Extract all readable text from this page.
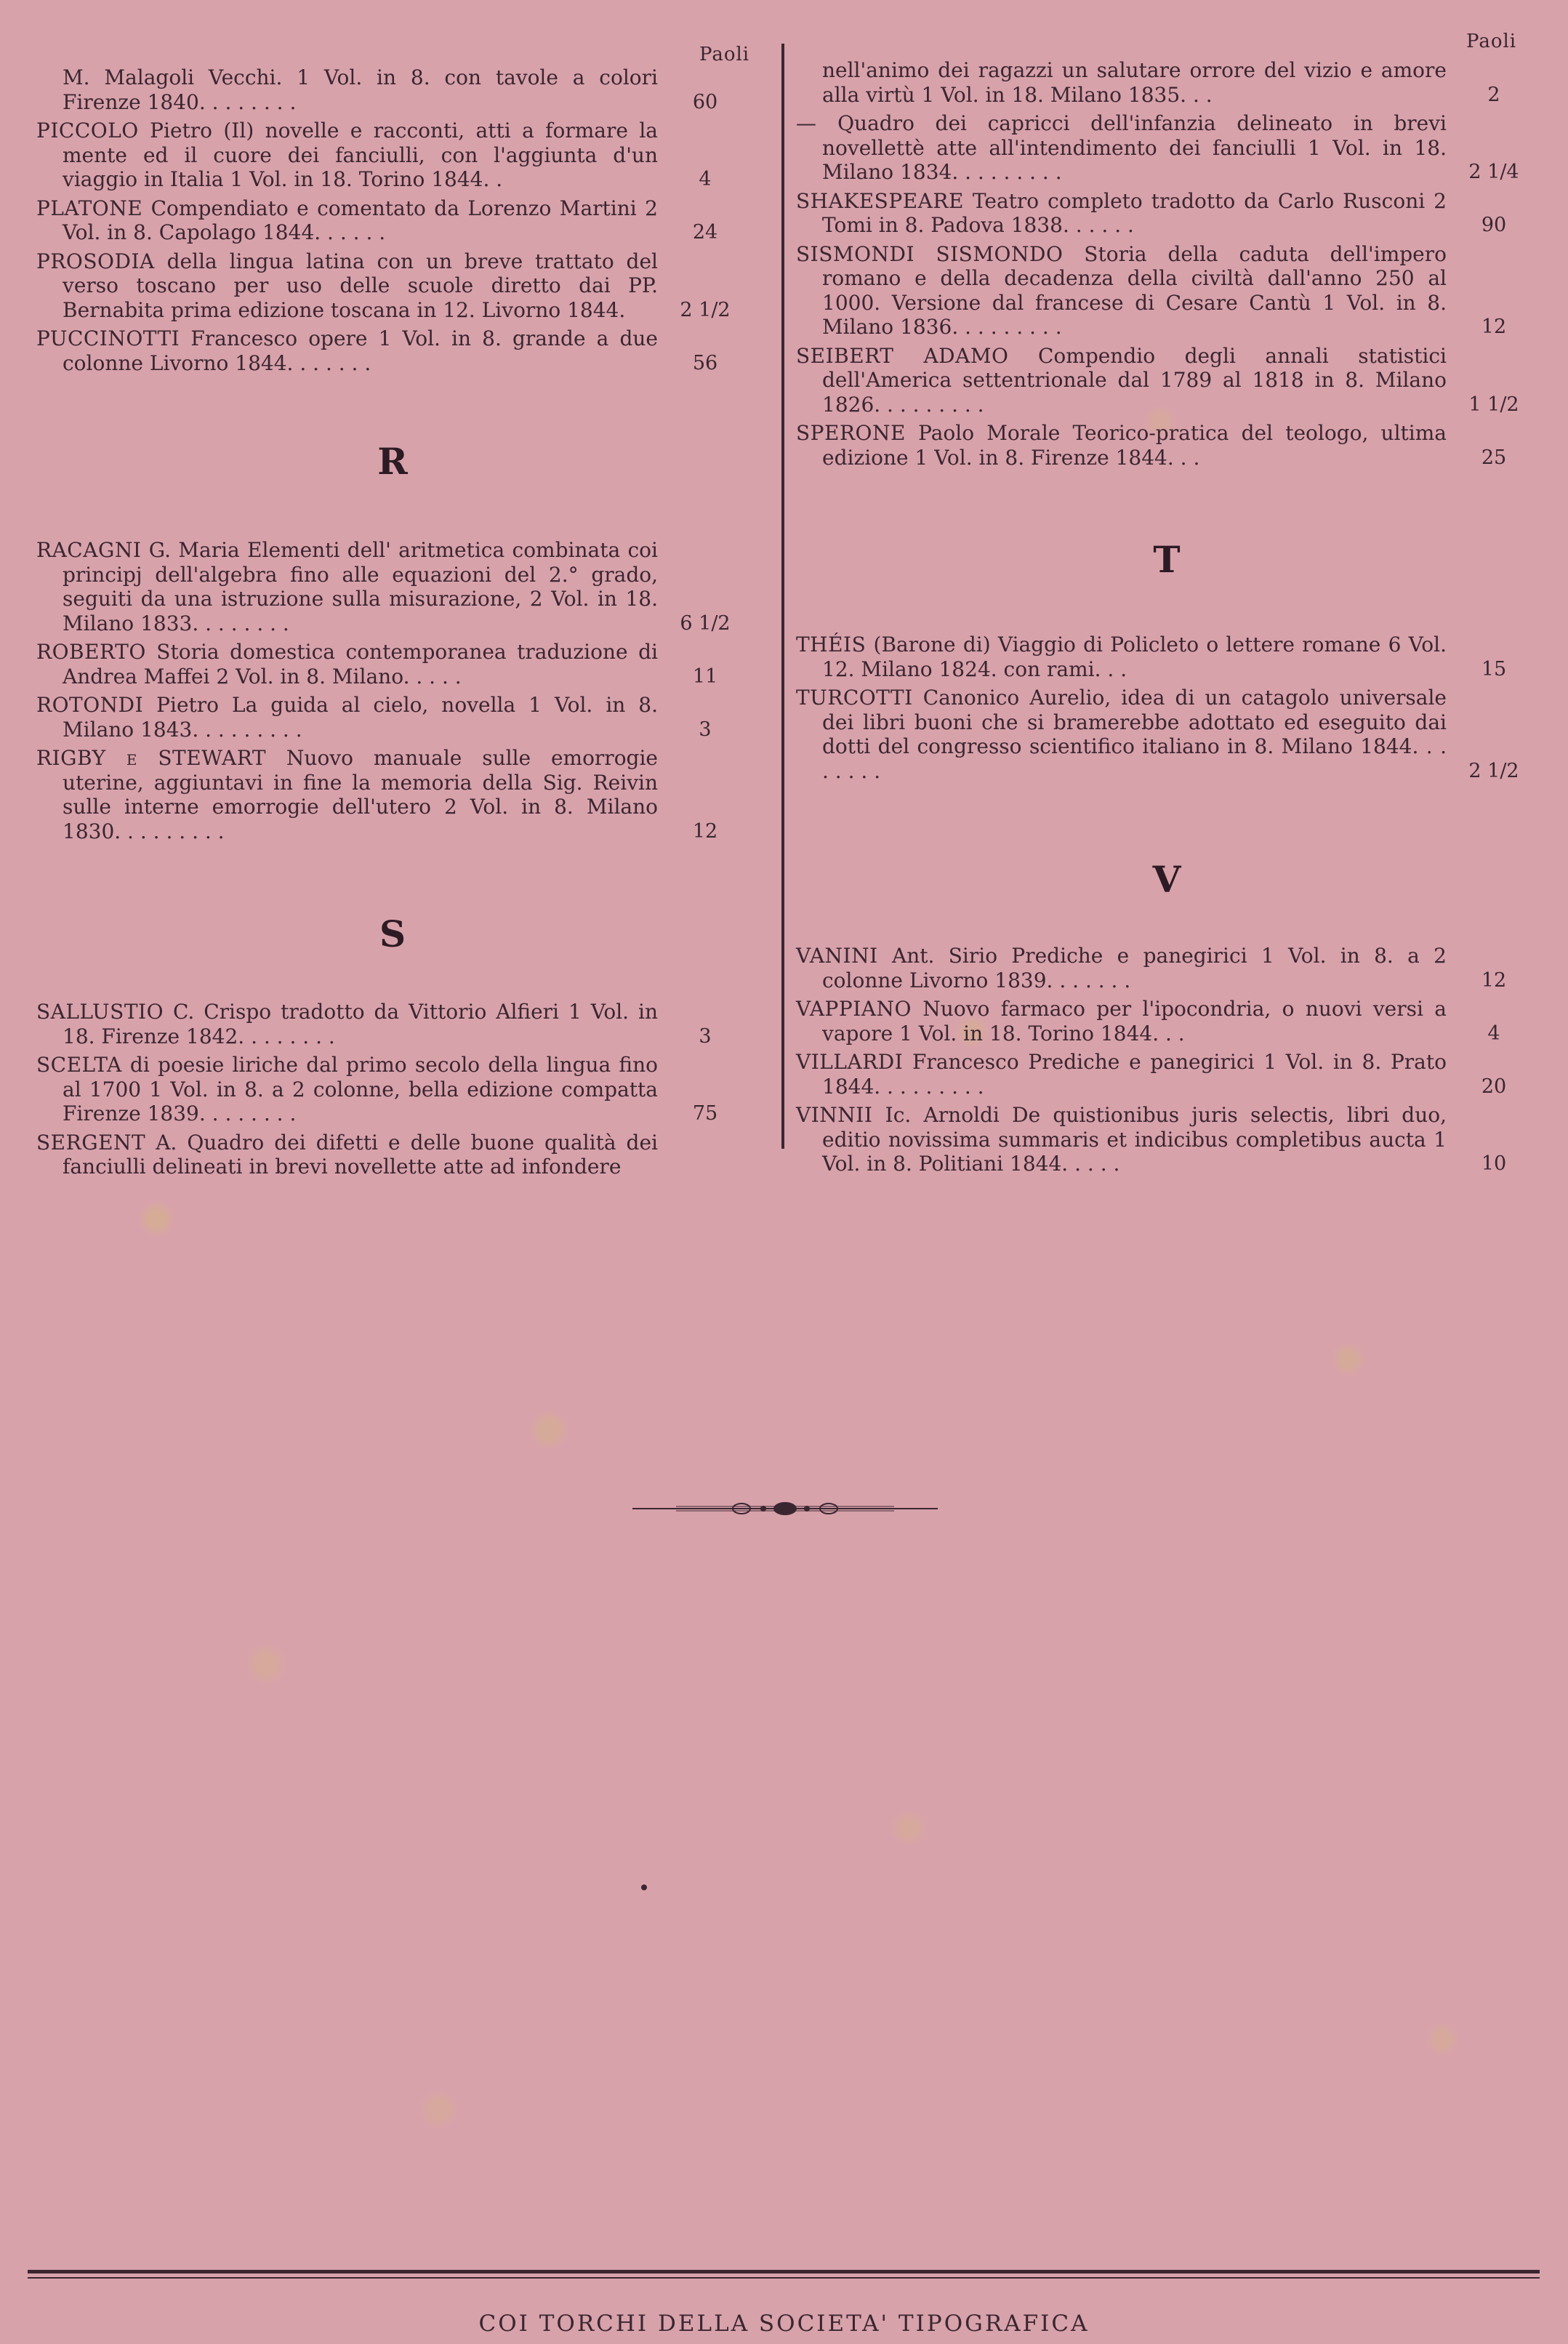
Paoli
M. Malagoli Vecchi. 1 Vol. in 8. con tavole a colori Firenze 1840. . . . . . . .	60
PICCOLO Pietro (Il) novelle e racconti, atti a formare la mente ed il cuore dei fanciulli, con l'aggiunta d'un viaggio in Italia 1 Vol. in 18. Torino 1844. .	4
PLATONE Compendiato e comentato da Lorenzo Martini 2 Vol. in 8. Capolago 1844. . . . . .	24
PROSODIA della lingua latina con un breve trattato del verso toscano per uso delle scuole diretto dai PP. Bernabita prima edizione toscana in 12. Livorno 1844.	2 1/2
PUCCINOTTI Francesco opere 1 Vol. in 8. grande a due colonne Livorno 1844. . . . . . .	56
R
RACAGNI G. Maria Elementi dell' aritmetica combinata coi principj dell'algebra fino alle equazioni del 2.° grado, seguiti da una istruzione sulla misurazione, 2 Vol. in 18. Milano 1833. . . . . . . .	6 1/2
ROBERTO Storia domestica contemporanea traduzione di Andrea Maffei 2 Vol. in 8. Milano. . . . .	11
ROTONDI Pietro La guida al cielo, novella 1 Vol. in 8. Milano 1843. . . . . . . . .	3
RIGBY e STEWART Nuovo manuale sulle emorrogie uterine, aggiuntavi in fine la memoria della Sig. Reivin sulle interne emorrogie dell'utero 2 Vol. in 8. Milano 1830. . . . . . . . .	12
S
SALLUSTIO C. Crispo tradotto da Vittorio Alfieri 1 Vol. in 18. Firenze 1842. . . . . . . .	3
SCELTA di poesie liriche dal primo secolo della lingua fino al 1700 1 Vol. in 8. a 2 colonne, bella edizione compatta Firenze 1839. . . . . . . .	75
SERGENT A. Quadro dei difetti e delle buone qualità dei fanciulli delineati in brevi novellette atte ad infondere
Paoli
nell'animo dei ragazzi un salutare orrore del vizio e amore alla virtù 1 Vol. in 18. Milano 1835. . .	2
— Quadro dei capricci dell'infanzia delineato in brevi novellettè atte all'intendimento dei fanciulli 1 Vol. in 18. Milano 1834. . . . . . . . .	2 1/4
SHAKESPEARE Teatro completo tradotto da Carlo Rusconi 2 Tomi in 8. Padova 1838. . . . . .	90
SISMONDI SISMONDO Storia della caduta dell'impero romano e della decadenza della civiltà dall'anno 250 al 1000. Versione dal francese di Cesare Cantù 1 Vol. in 8. Milano 1836. . . . . . . . .	12
SEIBERT ADAMO Compendio degli annali statistici dell'America settentrionale dal 1789 al 1818 in 8. Milano 1826. . . . . . . . .	1 1/2
SPERONE Paolo Morale Teorico-pratica del teologo, ultima edizione 1 Vol. in 8. Firenze 1844. . .	25
T
THÉIS (Barone di) Viaggio di Policleto o lettere romane 6 Vol. 12. Milano 1824. con rami. . .	15
TURCOTTI Canonico Aurelio, idea di un catagolo universale dei libri buoni che si bramerebbe adottato ed eseguito dai dotti del congresso scientifico italiano in 8. Milano 1844. . . . . . . .	2 1/2
V
VANINI Ant. Sirio Prediche e panegirici 1 Vol. in 8. a 2 colonne Livorno 1839. . . . . . .	12
VAPPIANO Nuovo farmaco per l'ipocondria, o nuovi versi a vapore 1 Vol. in 18. Torino 1844. . .	4
VILLARDI Francesco Prediche e panegirici 1 Vol. in 8. Prato 1844. . . . . . . . .	20
VINNII Ic. Arnoldi De quistionibus juris selectis, libri duo, editio novissima summaris et indicibus completibus aucta 1 Vol. in 8. Politiani 1844. . . . .	10
COI TORCHI DELLA SOCIETA' TIPOGRAFICA
